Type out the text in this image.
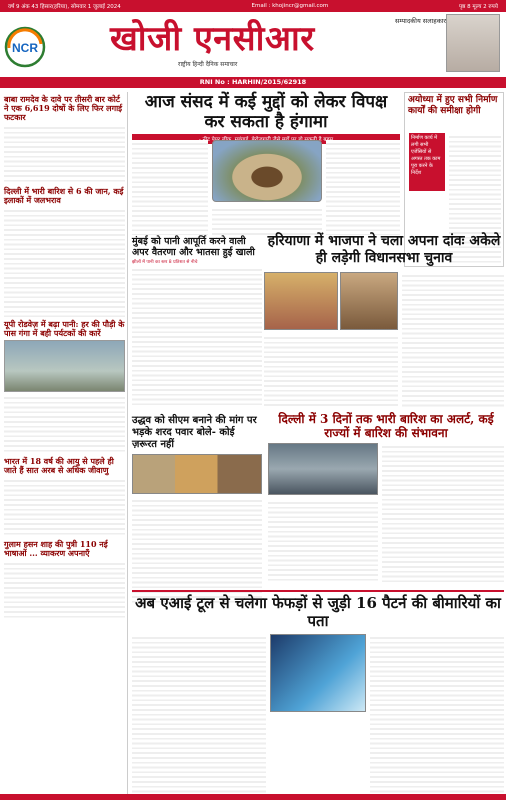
वर्ष 9 अंक 43 हिसार(हरिया), सोमवार 1 जुलाई 2024	Email : khojincr@gmail.com	पृष्ठ 8 मूल्य 2 रुपये
NCR खोजी एनसीआर
राष्ट्रीय हिन्दी दैनिक समाचार
सम्पादकीय सलाहकार
RNI No : HARHIN/2015/62918
बाबा रामदेव के दावे पर तीसरी बार कोर्ट ने एक 6,619 दोषों के लिए फिर लगाई फटकार
दिल्ली में भारी बारिश से 6 की जान, कई इलाकों में जलभराव
यूपी रोडवेज़ में बढ़ा पानी: हर की पौड़ी के पास गंगा में बही पर्यटकों की कारें
भारत में 18 वर्ष की आयु से पहले ही जाते हैं सात अरब से अधिक जीवाणु
गुलाम हसन शाह की पुत्री 110 नई भाषाओं ... व्याकरण अपनाएँ
आज संसद में कई मुद्दों को लेकर विपक्ष कर सकता है हंगामा
अयोध्या में हुए सभी निर्माण कार्यों की समीक्षा होगी
निर्माण कार्य में लगी सभी एजेंसियों से अगस्त तक काम पूरा करने के निर्देश
मुंबई को पानी आपूर्ति करने वाली अपर वैतरणा और भातसा हुई खाली
झीलों में पानी का स्तर 8 प्रतिशत से नीचे
हरियाणा में भाजपा ने चला अपना दांवः अकेले ही लड़ेगी विधानसभा चुनाव
उद्धव को सीएम बनाने की मांग पर भड़के शरद पवार बोले- कोई ज़रूरत नहीं
दिल्ली में 3 दिनों तक भारी बारिश का अलर्ट, कई राज्यों में बारिश की संभावना
अब एआई टूल से चलेगा फेफड़ों से जुड़ी 16 पैटर्न की बीमारियों का पता
